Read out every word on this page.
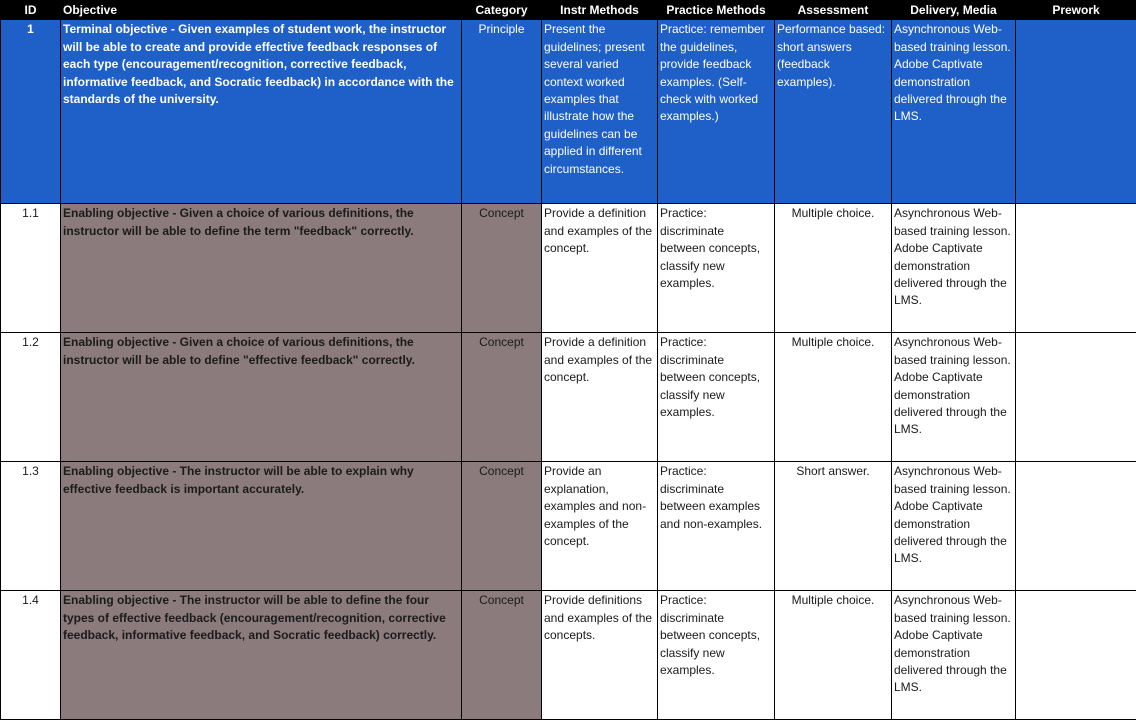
ID	Objective	Category	Instr Methods	Practice Methods	Assessment	Delivery, Media	Prework
1	Terminal objective - Given examples of student work, the instructor will be able to create and provide effective feedback responses of each type (encouragement/recognition, corrective feedback, informative feedback, and Socratic feedback) in accordance with the standards of the university.	Principle	Present the guidelines; present several varied context worked examples that illustrate how the guidelines can be applied in different circumstances.	Practice: remember the guidelines, provide feedback examples. (Self-check with worked examples.)	Performance based: short answers (feedback examples).	Asynchronous Web-based training lesson. Adobe Captivate demonstration delivered through the LMS.	
1.1	Enabling objective - Given a choice of various definitions, the instructor will be able to define the term "feedback" correctly.	Concept	Provide a definition and examples of the concept.	Practice: discriminate between concepts, classify new examples.	Multiple choice.	Asynchronous Web-based training lesson. Adobe Captivate demonstration delivered through the LMS.	
1.2	Enabling objective - Given a choice of various definitions, the instructor will be able to define "effective feedback" correctly.	Concept	Provide a definition and examples of the concept.	Practice: discriminate between concepts, classify new examples.	Multiple choice.	Asynchronous Web-based training lesson. Adobe Captivate demonstration delivered through the LMS.	
1.3	Enabling objective - The instructor will be able to explain why effective feedback is important accurately.	Concept	Provide an explanation, examples and non-examples of the concept.	Practice: discriminate between examples and non-examples.	Short answer.	Asynchronous Web-based training lesson. Adobe Captivate demonstration delivered through the LMS.	
1.4	Enabling objective - The instructor will be able to define the four types of effective feedback (encouragement/recognition, corrective feedback, informative feedback, and Socratic feedback) correctly.	Concept	Provide definitions and examples of the concepts.	Practice: discriminate between concepts, classify new examples.	Multiple choice.	Asynchronous Web-based training lesson. Adobe Captivate demonstration delivered through the LMS.	
